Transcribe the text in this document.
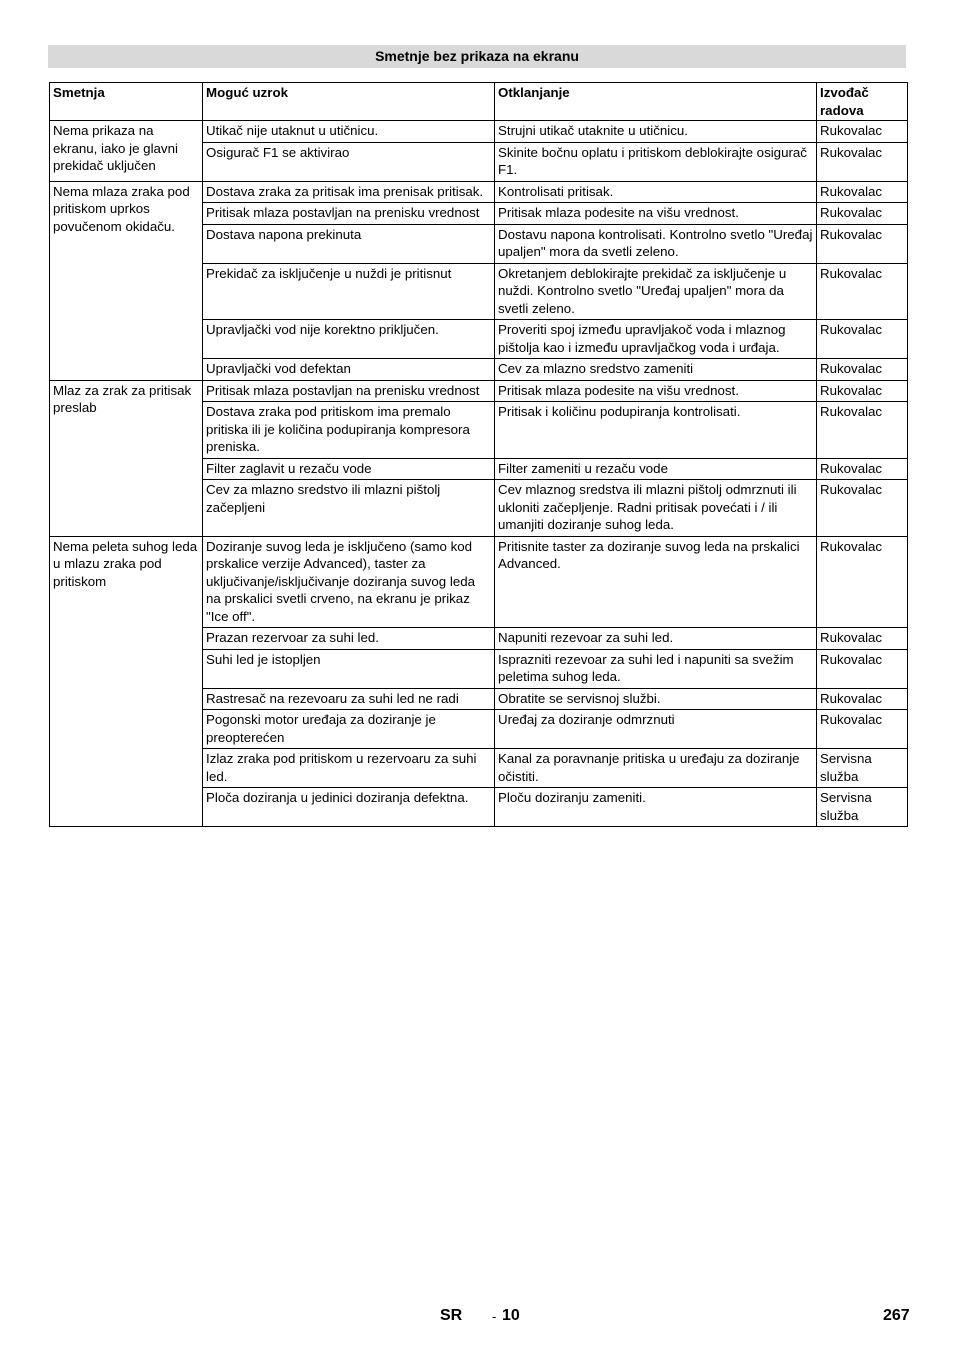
Smetnje bez prikaza na ekranu
Smetnja	Moguć uzrok	Otklanjanje	Izvođač radova
Nema prikaza na ekranu, iako je glavni prekidač uključen	Utikač nije utaknut u utičnicu.	Strujni utikač utaknite u utičnicu.	Rukovalac
	Osigurač F1 se aktivirao	Skinite bočnu oplatu i pritiskom deblokirajte osigurač F1.	Rukovalac
Nema mlaza zraka pod pritiskom uprkos povučenom okidaču.	Dostava zraka za pritisak ima prenisak pritisak.	Kontrolisati pritisak.	Rukovalac
	Pritisak mlaza postavljan na prenisku vrednost	Pritisak mlaza podesite na višu vrednost.	Rukovalac
	Dostava napona prekinuta	Dostavu napona kontrolisati. Kontrolno svetlo "Uređaj upaljen" mora da svetli zeleno.	Rukovalac
	Prekidač za isključenje u nuždi je pritisnut	Okretanjem deblokirajte prekidač za isključenje u nuždi. Kontrolno svetlo "Uređaj upaljen" mora da svetli zeleno.	Rukovalac
	Upravljački vod nije korektno priključen.	Proveriti spoj između upravljakoč voda i mlaznog pištolja kao i između upravljačkog voda i urđaja.	Rukovalac
	Upravljački vod defektan	Cev za mlazno sredstvo zameniti	Rukovalac
Mlaz za zrak za pritisak preslab	Pritisak mlaza postavljan na prenisku vrednost	Pritisak mlaza podesite na višu vrednost.	Rukovalac
	Dostava zraka pod pritiskom ima premalo pritiska ili je količina podupiranja kompresora preniska.	Pritisak i količinu podupiranja kontrolisati.	Rukovalac
	Filter zaglavit u rezaču vode	Filter zameniti u rezaču vode	Rukovalac
	Cev za mlazno sredstvo ili mlazni pištolj začepljeni	Cev mlaznog sredstva ili mlazni pištolj odmrznuti ili ukloniti začepljenje. Radni pritisak povećati i / ili umanjiti doziranje suhog leda.	Rukovalac
Nema peleta suhog leda u mlazu zraka pod pritiskom	Doziranje suvog leda je isključeno (samo kod prskalice verzije Advanced), taster za uključivanje/isključivanje doziranja suvog leda na prskalici svetli crveno, na ekranu je prikaz "Ice off".	Pritisnite taster za doziranje suvog leda na prskalici Advanced.	Rukovalac
	Prazan rezervoar za suhi led.	Napuniti rezevoar za suhi led.	Rukovalac
	Suhi led je istopljen	Isprazniti rezevoar za suhi led i napuniti sa svežim peletima suhog leda.	Rukovalac
	Rastresač na rezevoaru za suhi led ne radi	Obratite se servisnoj službi.	Rukovalac
	Pogonski motor uređaja za doziranje je preopterećen	Uređaj za doziranje odmrznuti	Rukovalac
	Izlaz zraka pod pritiskom u rezervoaru za suhi led.	Kanal za poravnanje pritiska u uređaju za doziranje očistiti.	Servisna služba
	Ploča doziranja u jedinici doziranja defektna.	Ploču doziranju zameniti.	Servisna služba
SR - 10	267
